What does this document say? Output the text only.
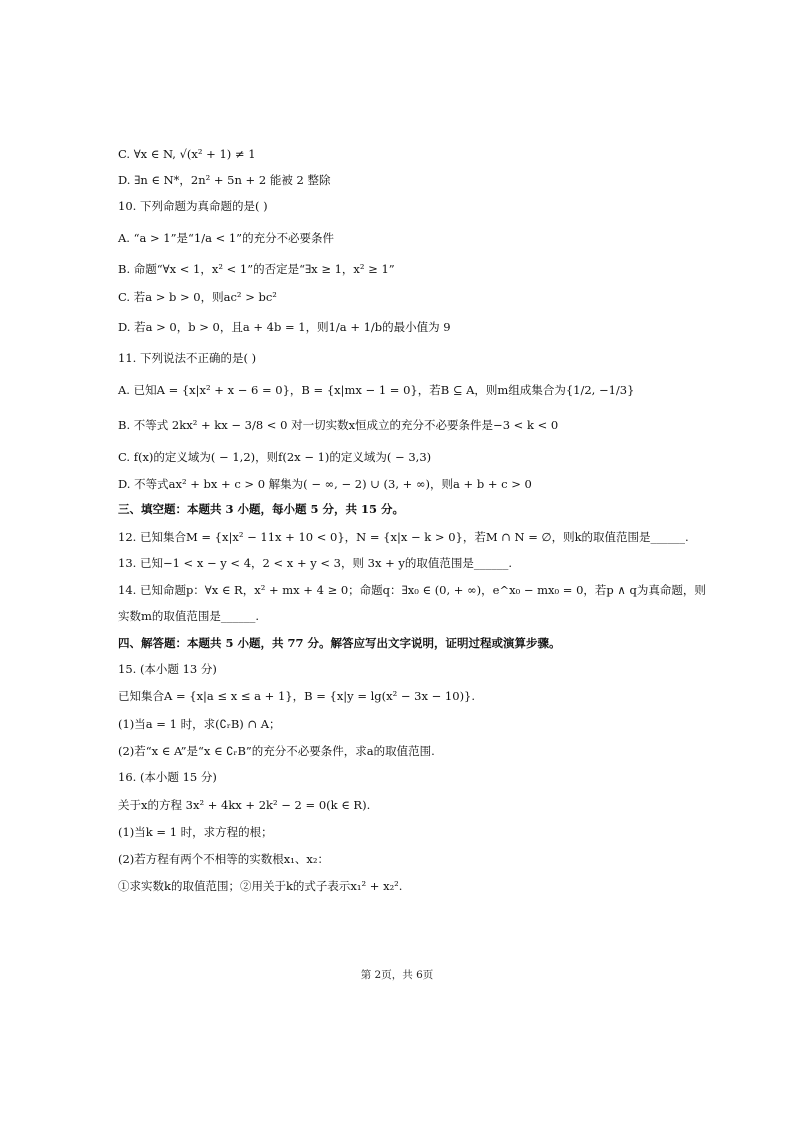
C. ∀x ∈ N, √(x² + 1) ≠ 1
D. ∃n ∈ N*，2n² + 5n + 2 能被 2 整除
10. 下列命题为真命题的是( )
A. “a > 1”是“1/a < 1”的充分不必要条件
B. 命题“∀x < 1，x² < 1”的否定是“∃x ≥ 1，x² ≥ 1”
C. 若a > b > 0，则ac² > bc²
D. 若a > 0，b > 0，且a + 4b = 1，则1/a + 1/b的最小值为 9
11. 下列说法不正确的是( )
A. 已知A = {x|x² + x − 6 = 0}，B = {x|mx − 1 = 0}，若B ⊆ A，则m组成集合为{1/2, −1/3}
B. 不等式 2kx² + kx − 3/8 < 0 对一切实数x恒成立的充分不必要条件是−3 < k < 0
C. f(x)的定义域为( − 1,2)，则f(2x − 1)的定义域为( − 3,3)
D. 不等式ax² + bx + c > 0 解集为( − ∞, − 2) ∪ (3, + ∞)，则a + b + c > 0
三、填空题：本题共 3 小题，每小题 5 分，共 15 分。
12. 已知集合M = {x|x² − 11x + 10 < 0}，N = {x|x − k > 0}，若M ∩ N = ∅，则k的取值范围是______.
13. 已知−1 < x − y < 4，2 < x + y < 3，则 3x + y的取值范围是______.
14. 已知命题p：∀x ∈ R，x² + mx + 4 ≥ 0；命题q：∃x₀ ∈ (0, + ∞)，e^x₀ − mx₀ = 0，若p ∧ q为真命题，则
实数m的取值范围是______.
四、解答题：本题共 5 小题，共 77 分。解答应写出文字说明，证明过程或演算步骤。
15. (本小题 13 分)
已知集合A = {x|a ≤ x ≤ a + 1}，B = {x|y = lg(x² − 3x − 10)}.
(1)当a = 1 时，求(∁ᵣB) ∩ A；
(2)若“x ∈ A”是“x ∈ ∁ᵣB”的充分不必要条件，求a的取值范围.
16. (本小题 15 分)
关于x的方程 3x² + 4kx + 2k² − 2 = 0(k ∈ R).
(1)当k = 1 时，求方程的根；
(2)若方程有两个不相等的实数根x₁、x₂：
①求实数k的取值范围；②用关于k的式子表示x₁² + x₂².
第 2页，共 6页
